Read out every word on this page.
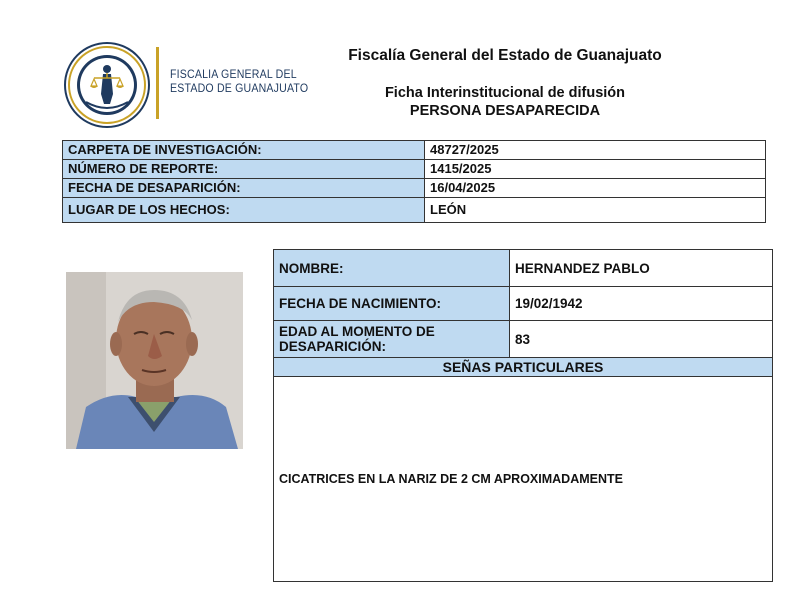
FISCALIA GENERAL DEL
ESTADO DE GUANAJUATO
Fiscalía General del Estado de Guanajuato
Ficha Interinstitucional de difusión
PERSONA DESAPARECIDA
CARPETA DE INVESTIGACIÓN:	48727/2025
NÚMERO DE REPORTE:	1415/2025
FECHA DE DESAPARICIÓN:	16/04/2025
LUGAR DE LOS HECHOS:	LEÓN
NOMBRE:	HERNANDEZ PABLO
FECHA DE NACIMIENTO:	19/02/1942
EDAD AL MOMENTO DE DESAPARICIÓN:	83
SEÑAS PARTICULARES	
CICATRICES EN LA NARIZ DE 2 CM APROXIMADAMENTE	
